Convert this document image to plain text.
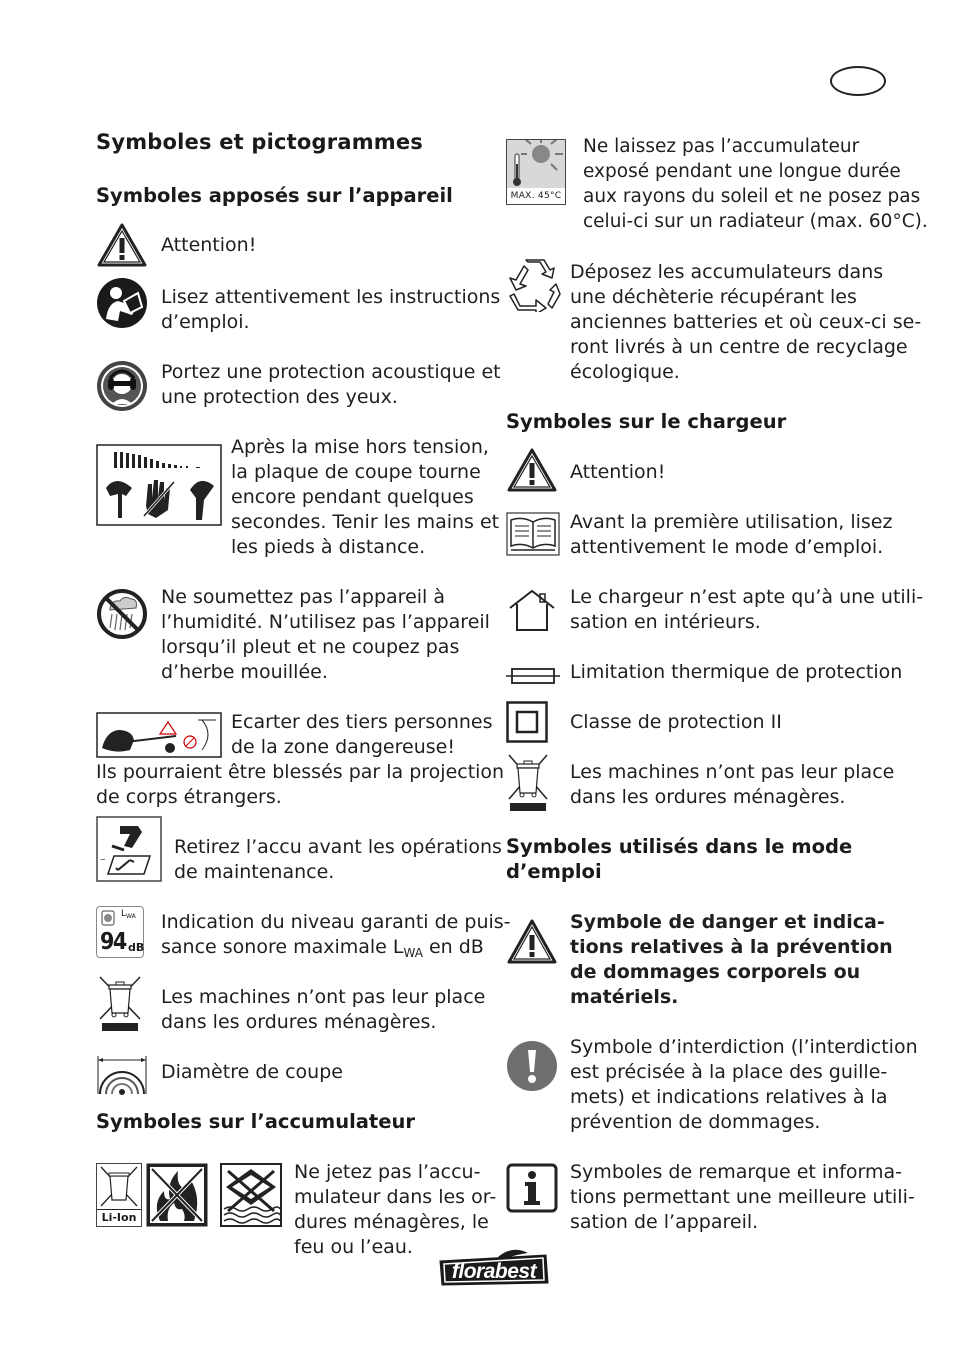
Symboles et pictogrammes
Symboles apposés sur l’appareil
Attention!
Lisez attentivement les instructions
d’emploi.
Portez une protection acoustique et
une protection des yeux.
Après la mise hors tension,
la plaque de coupe tourne
encore pendant quelques
secondes. Tenir les mains et
les pieds à distance.
Ne soumettez pas l’appareil à
l’humidité. N’utilisez pas l’appareil
lorsqu’il pleut et ne coupez pas
d’herbe mouillée.
Ecarter des tiers personnes
de la zone dangereuse!
Ils pourraient être blessés par la projection
de corps étrangers.
~
Retirez l’accu avant les opérations
de maintenance.
$L_{WA}$
94 dB
Indication du niveau garanti de puis-
sance sonore maximale $L_{WA}$ en dB
Les machines n’ont pas leur place
dans les ordures ménagères.
Diamètre de coupe
Symboles sur l’accumulateur
Li-Ion
Ne jetez pas l’accu-
mulateur dans les or-
dures ménagères, le
feu ou l’eau.
MAX. 45°C
Ne laissez pas l’accumulateur
exposé pendant une longue durée
aux rayons du soleil et ne posez pas
celui-ci sur un radiateur (max. 60°C).
Déposez les accumulateurs dans
une déchèterie récupérant les
anciennes batteries et où ceux-ci se-
ront livrés à un centre de recyclage
écologique.
Symboles sur le chargeur
Attention!
Avant la première utilisation, lisez
attentivement le mode d’emploi.
Le chargeur n’est apte qu’à une utili-
sation en intérieurs.
Limitation thermique de protection
Classe de protection II
Les machines n’ont pas leur place
dans les ordures ménagères.
Symboles utilisés dans le mode
d’emploi
Symbole de danger et indica-
tions relatives à la prévention
de dommages corporels ou
matériels.
Symbole d’interdiction (l’interdiction
est précisée à la place des guille-
mets) et indications relatives à la
prévention de dommages.
Symboles de remarque et informa-
tions permettant une meilleure utili-
sation de l’appareil.
florabest
